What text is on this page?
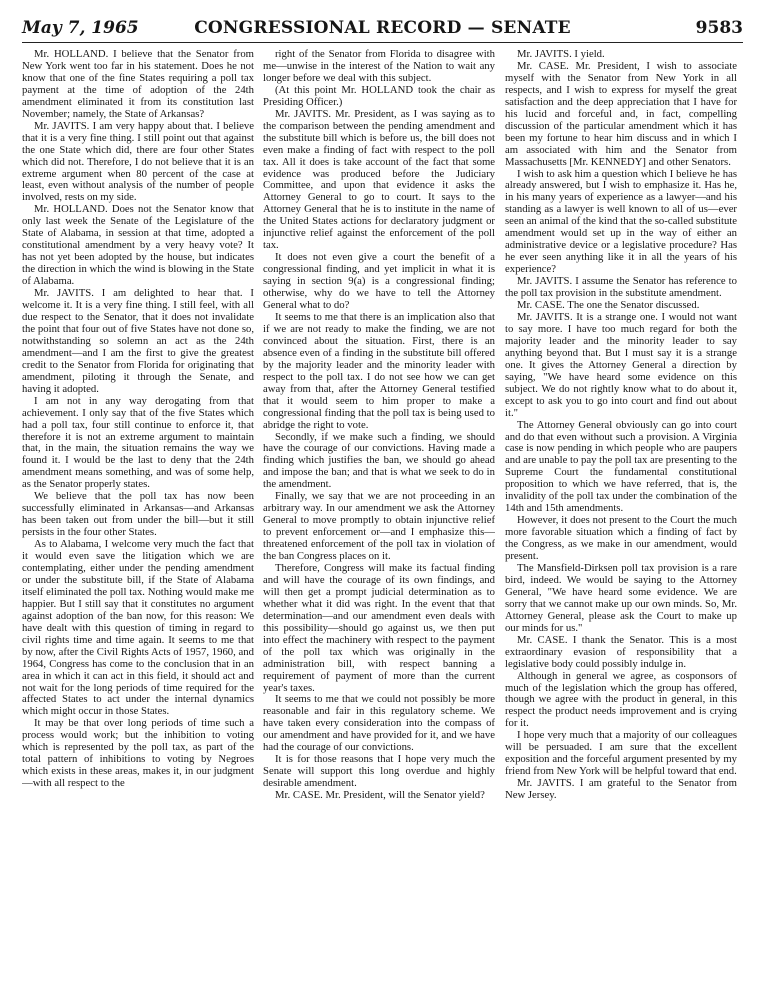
May 7, 1965	CONGRESSIONAL RECORD — SENATE	9583

Mr. HOLLAND. I believe that the Senator from New York went too far in his statement. Does he not know that one of the fine States requiring a poll tax payment at the time of adoption of the 24th amendment eliminated it from its constitution last November; namely, the State of Arkansas?

Mr. JAVITS. I am very happy about that. I believe that it is a very fine thing. I still point out that against the one State which did, there are four other States which did not. Therefore, I do not believe that it is an extreme argument when 80 percent of the case at least, even without analysis of the number of people involved, rests on my side.

Mr. HOLLAND. Does not the Senator know that only last week the Senate of the Legislature of the State of Alabama, in session at that time, adopted a constitutional amendment by a very heavy vote? It has not yet been adopted by the house, but indicates the direction in which the wind is blowing in the State of Alabama.

Mr. JAVITS. I am delighted to hear that. I welcome it. It is a very fine thing. I still feel, with all due respect to the Senator, that it does not invalidate the point that four out of five States have not done so, notwithstanding so solemn an act as the 24th amendment—and I am the first to give the greatest credit to the Senator from Florida for originating that amendment, piloting it through the Senate, and having it adopted.

I am not in any way derogating from that achievement. I only say that of the five States which had a poll tax, four still continue to enforce it, that therefore it is not an extreme argument to maintain that, in the main, the situation remains the way we found it. I would be the last to deny that the 24th amendment means something, and was of some help, as the Senator properly states.

We believe that the poll tax has now been successfully eliminated in Arkansas—and Arkansas has been taken out from under the bill—but it still persists in the four other States.

As to Alabama, I welcome very much the fact that it would even save the litigation which we are contemplating, either under the pending amendment or under the substitute bill, if the State of Alabama itself eliminated the poll tax. Nothing would make me happier. But I still say that it constitutes no argument against adoption of the ban now, for this reason: We have dealt with this question of timing in regard to civil rights time and time again. It seems to me that by now, after the Civil Rights Acts of 1957, 1960, and 1964, Congress has come to the conclusion that in an area in which it can act in this field, it should act and not wait for the long periods of time required for the affected States to act under the internal dynamics which might occur in those States.

It may be that over long periods of time such a process would work; but the inhibition to voting which is represented by the poll tax, as part of the total pattern of inhibitions to voting by Negroes which exists in these areas, makes it, in our judgment—with all respect to the

right of the Senator from Florida to disagree with me—unwise in the interest of the Nation to wait any longer before we deal with this subject.

(At this point Mr. HOLLAND took the chair as Presiding Officer.)

Mr. JAVITS. Mr. President, as I was saying as to the comparison between the pending amendment and the substitute bill which is before us, the bill does not even make a finding of fact with respect to the poll tax. All it does is take account of the fact that some evidence was produced before the Judiciary Committee, and upon that evidence it asks the Attorney General to go to court. It says to the Attorney General that he is to institute in the name of the United States actions for declaratory judgment or injunctive relief against the enforcement of the poll tax.

It does not even give a court the benefit of a congressional finding, and yet implicit in what it is saying in section 9(a) is a congressional finding; otherwise, why do we have to tell the Attorney General what to do?

It seems to me that there is an implication also that if we are not ready to make the finding, we are not convinced about the situation. First, there is an absence even of a finding in the substitute bill offered by the majority leader and the minority leader with respect to the poll tax. I do not see how we can get away from that, after the Attorney General testified that it would seem to him proper to make a congressional finding that the poll tax is being used to abridge the right to vote.

Secondly, if we make such a finding, we should have the courage of our convictions. Having made a finding which justifies the ban, we should go ahead and impose the ban; and that is what we seek to do in the amendment.

Finally, we say that we are not proceeding in an arbitrary way. In our amendment we ask the Attorney General to move promptly to obtain injunctive relief to prevent enforcement or—and I emphasize this—threatened enforcement of the poll tax in violation of the ban Congress places on it.

Therefore, Congress will make its factual finding and will have the courage of its own findings, and will then get a prompt judicial determination as to whether what it did was right. In the event that that determination—and our amendment even deals with this possibility—should go against us, we then put into effect the machinery with respect to the payment of the poll tax which was originally in the administration bill, with respect banning a requirement of payment of more than the current year's taxes.

It seems to me that we could not possibly be more reasonable and fair in this regulatory scheme. We have taken every consideration into the compass of our amendment and have provided for it, and we have had the courage of our convictions.

It is for those reasons that I hope very much the Senate will support this long overdue and highly desirable amendment.

Mr. CASE. Mr. President, will the Senator yield?

Mr. JAVITS. I yield.

Mr. CASE. Mr. President, I wish to associate myself with the Senator from New York in all respects, and I wish to express for myself the great satisfaction and the deep appreciation that I have for his lucid and forceful and, in fact, compelling discussion of the particular amendment which it has been my fortune to hear him discuss and in which I am associated with him and the Senator from Massachusetts [Mr. KENNEDY] and other Senators.

I wish to ask him a question which I believe he has already answered, but I wish to emphasize it. Has he, in his many years of experience as a lawyer—and his standing as a lawyer is well known to all of us—ever seen an animal of the kind that the so-called substitute amendment would set up in the way of either an administrative device or a legislative procedure? Has he ever seen anything like it in all the years of his experience?

Mr. JAVITS. I assume the Senator has reference to the poll tax provision in the substitute amendment.

Mr. CASE. The one the Senator discussed.

Mr. JAVITS. It is a strange one. I would not want to say more. I have too much regard for both the majority leader and the minority leader to say anything beyond that. But I must say it is a strange one. It gives the Attorney General a direction by saying, "We have heard some evidence on this subject. We do not rightly know what to do about it, except to ask you to go into court and find out about it."

The Attorney General obviously can go into court and do that even without such a provision. A Virginia case is now pending in which people who are paupers and are unable to pay the poll tax are presenting to the Supreme Court the fundamental constitutional proposition to which we have referred, that is, the invalidity of the poll tax under the combination of the 14th and 15th amendments.

However, it does not present to the Court the much more favorable situation which a finding of fact by the Congress, as we make in our amendment, would present.

The Mansfield-Dirksen poll tax provision is a rare bird, indeed. We would be saying to the Attorney General, "We have heard some evidence. We are sorry that we cannot make up our own minds. So, Mr. Attorney General, please ask the Court to make up our minds for us."

Mr. CASE. I thank the Senator. This is a most extraordinary evasion of responsibility that a legislative body could possibly indulge in.

Although in general we agree, as cosponsors of much of the legislation which the group has offered, though we agree with the product in general, in this respect the product needs improvement and is crying for it.

I hope very much that a majority of our colleagues will be persuaded. I am sure that the excellent exposition and the forceful argument presented by my friend from New York will be helpful toward that end.

Mr. JAVITS. I am grateful to the Senator from New Jersey.
